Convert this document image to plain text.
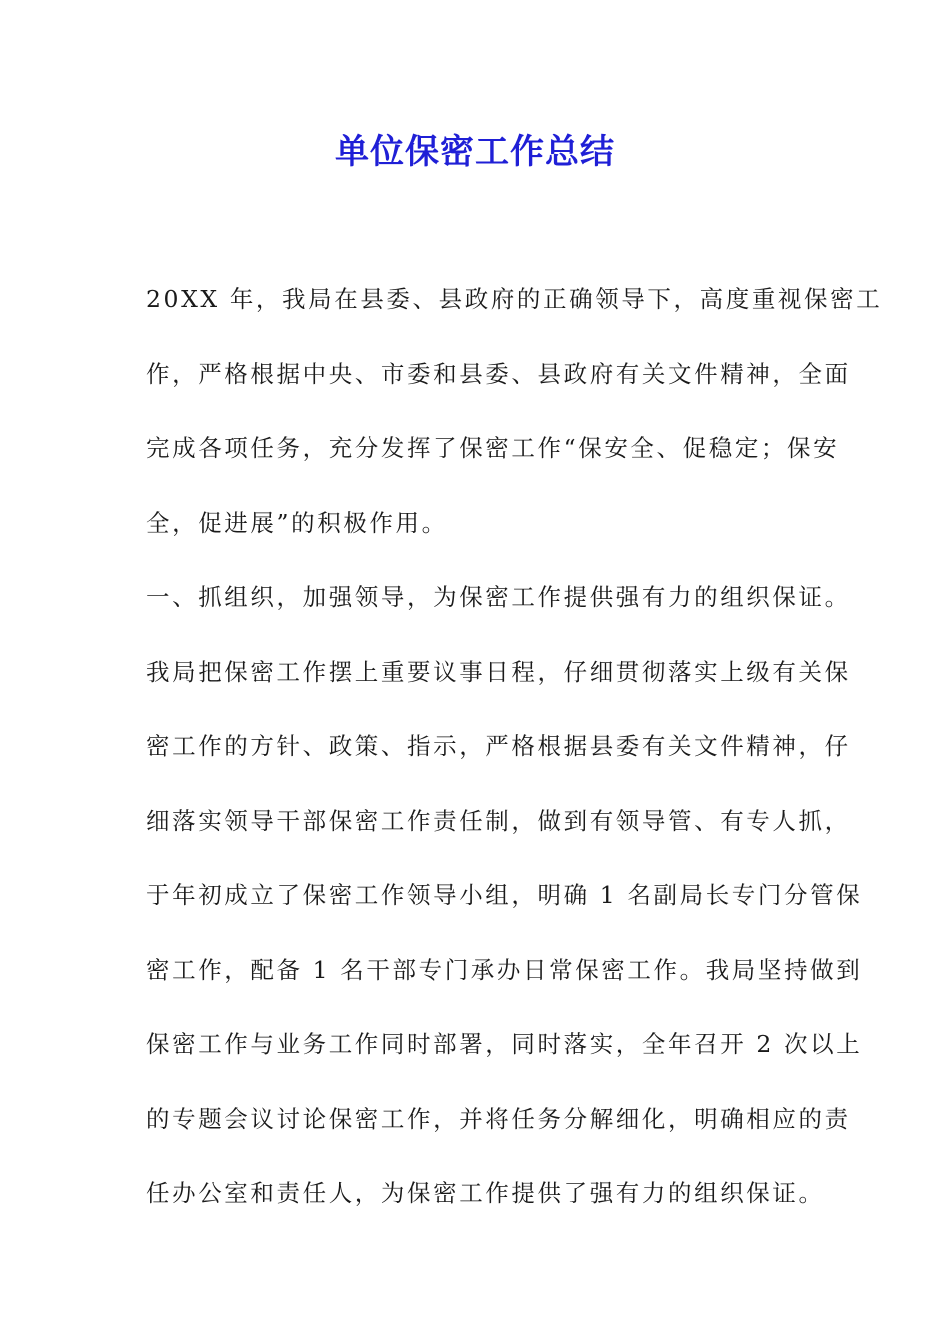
单位保密工作总结
20XX 年，我局在县委、县政府的正确领导下，高度重视保密工
作，严格根据中央、市委和县委、县政府有关文件精神，全面
完成各项任务，充分发挥了保密工作“保安全、促稳定；保安
全，促进展”的积极作用。
一、抓组织，加强领导，为保密工作提供强有力的组织保证。
我局把保密工作摆上重要议事日程，仔细贯彻落实上级有关保
密工作的方针、政策、指示，严格根据县委有关文件精神，仔
细落实领导干部保密工作责任制，做到有领导管、有专人抓，
于年初成立了保密工作领导小组，明确 1 名副局长专门分管保
密工作，配备 1 名干部专门承办日常保密工作。我局坚持做到
保密工作与业务工作同时部署，同时落实，全年召开 2 次以上
的专题会议讨论保密工作，并将任务分解细化，明确相应的责
任办公室和责任人，为保密工作提供了强有力的组织保证。
